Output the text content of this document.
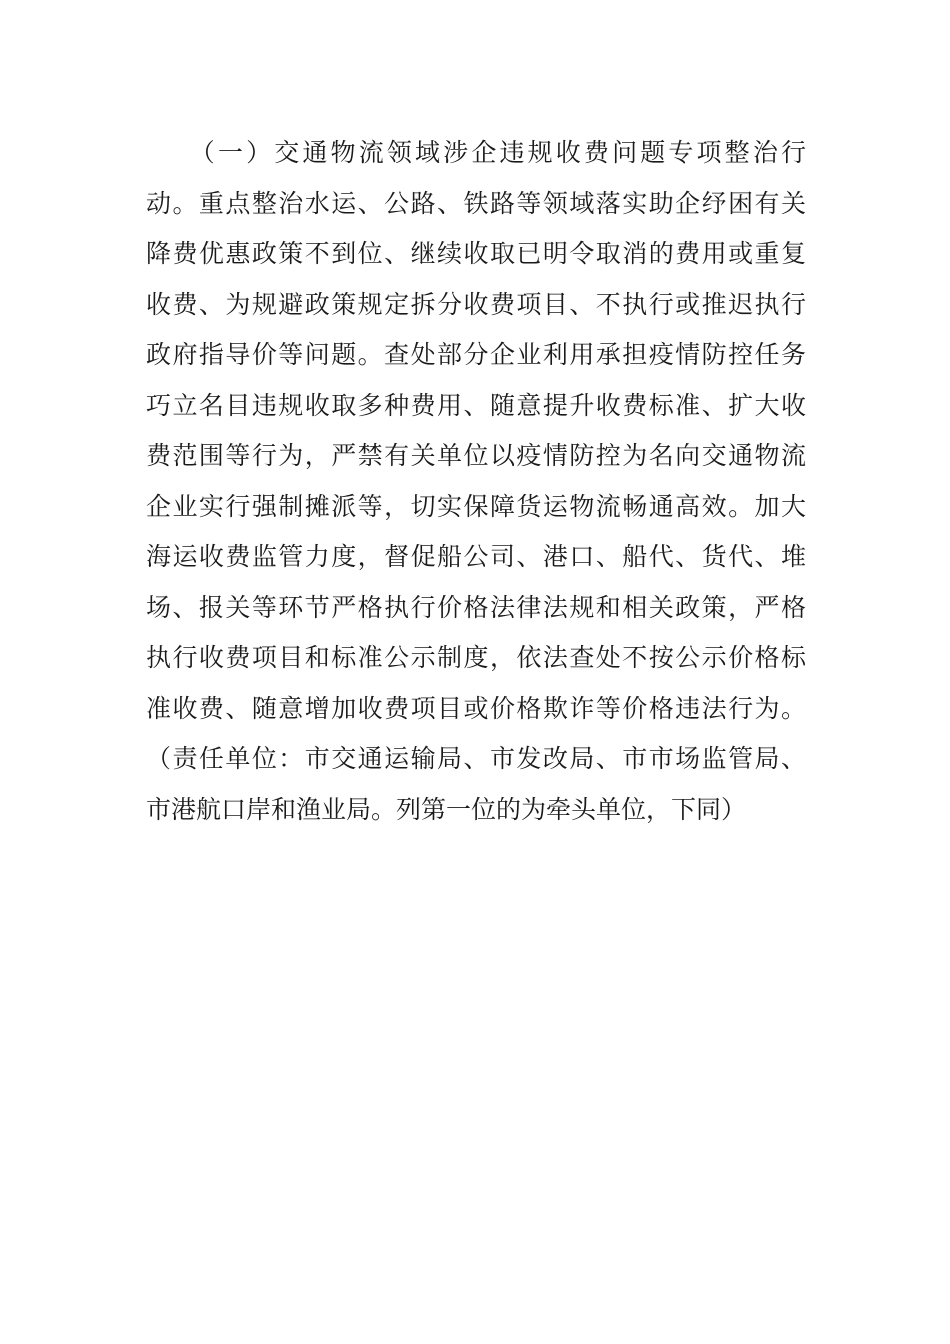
　　（一）交通物流领域涉企违规收费问题专项整治行
动。重点整治水运、公路、铁路等领域落实助企纾困有关
降费优惠政策不到位、继续收取已明令取消的费用或重复
收费、为规避政策规定拆分收费项目、不执行或推迟执行
政府指导价等问题。查处部分企业利用承担疫情防控任务
巧立名目违规收取多种费用、随意提升收费标准、扩大收
费范围等行为，严禁有关单位以疫情防控为名向交通物流
企业实行强制摊派等，切实保障货运物流畅通高效。加大
海运收费监管力度，督促船公司、港口、船代、货代、堆
场、报关等环节严格执行价格法律法规和相关政策，严格
执行收费项目和标准公示制度，依法查处不按公示价格标
准收费、随意增加收费项目或价格欺诈等价格违法行为。
（责任单位：市交通运输局、市发改局、市市场监管局、
市港航口岸和渔业局。列第一位的为牵头单位，下同）
